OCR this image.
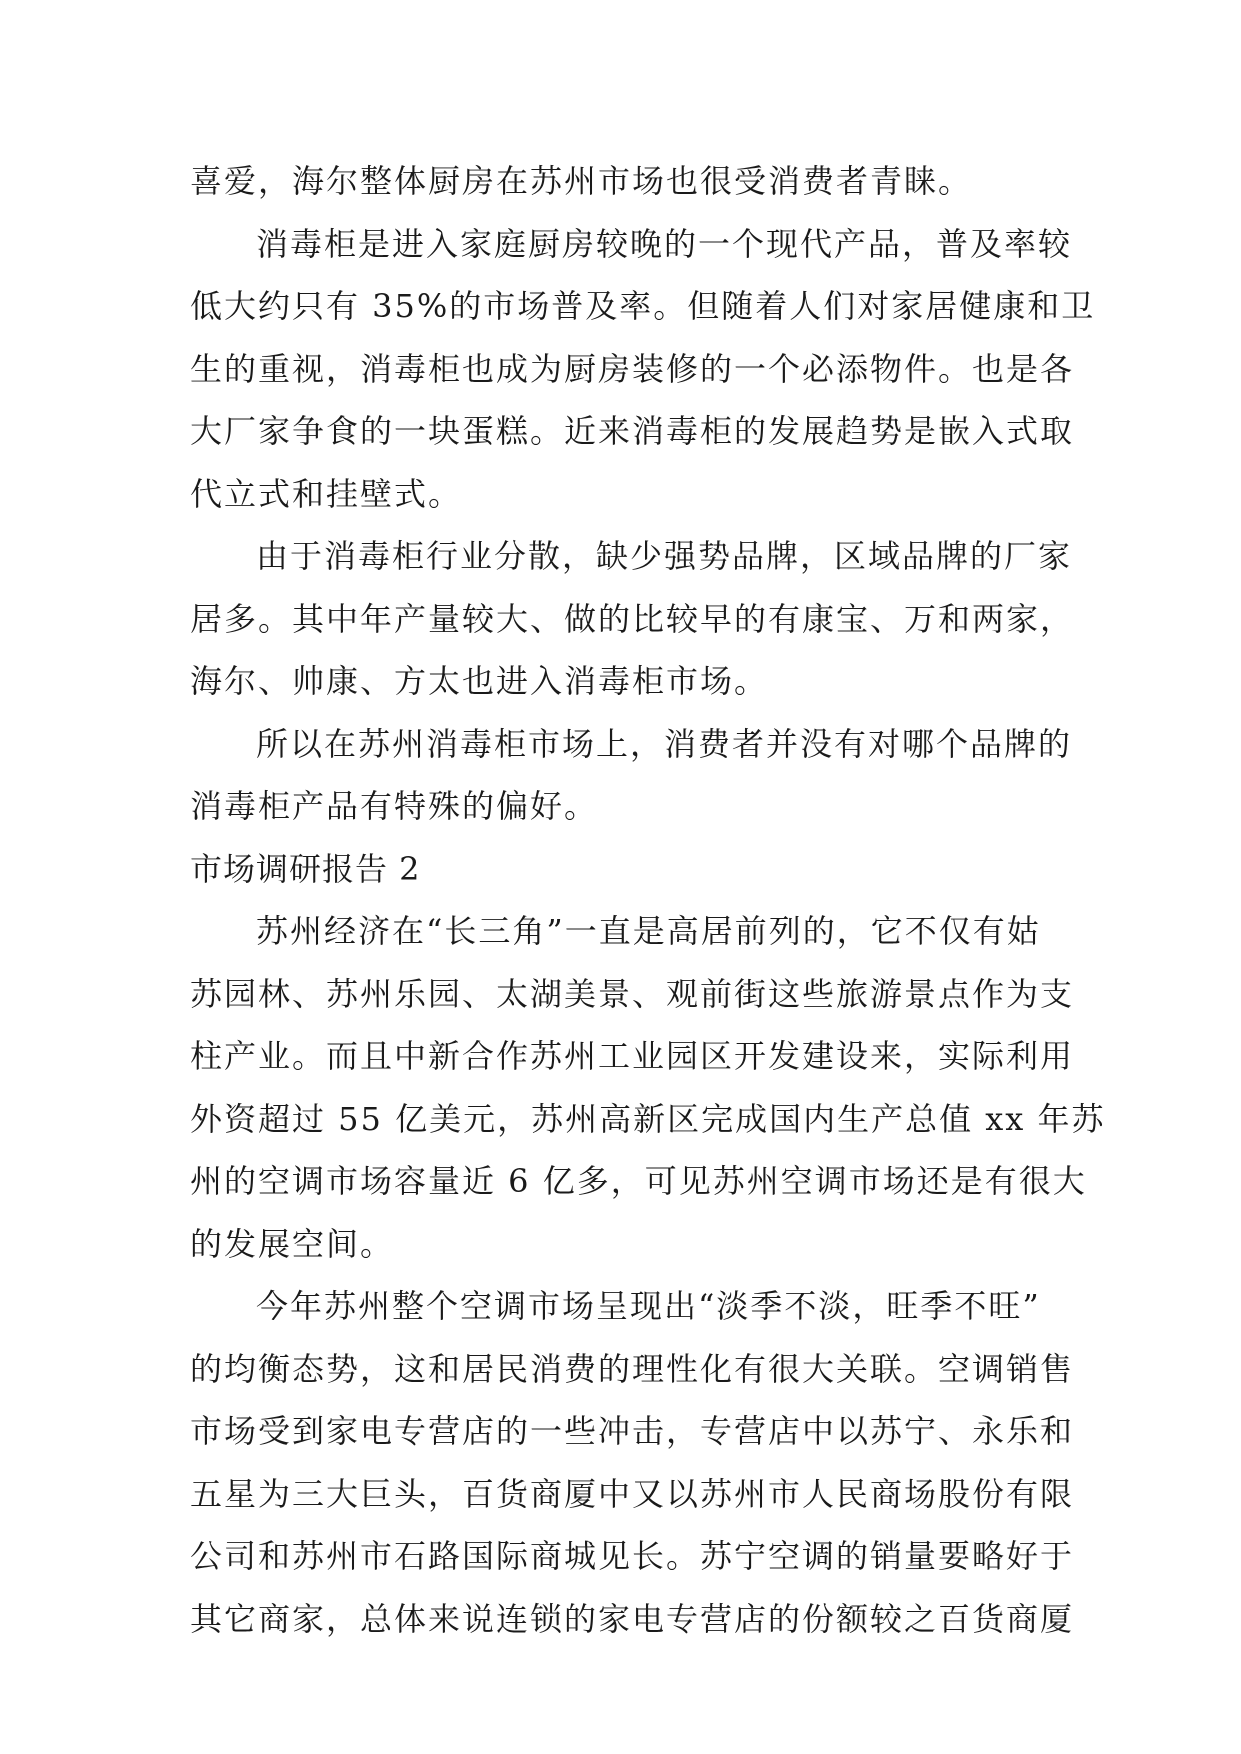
喜爱，海尔整体厨房在苏州市场也很受消费者青睐。
消毒柜是进入家庭厨房较晚的一个现代产品，普及率较
低大约只有 35%的市场普及率。但随着人们对家居健康和卫
生的重视，消毒柜也成为厨房装修的一个必添物件。也是各
大厂家争食的一块蛋糕。近来消毒柜的发展趋势是嵌入式取
代立式和挂壁式。
由于消毒柜行业分散，缺少强势品牌，区域品牌的厂家
居多。其中年产量较大、做的比较早的有康宝、万和两家，
海尔、帅康、方太也进入消毒柜市场。
所以在苏州消毒柜市场上，消费者并没有对哪个品牌的
消毒柜产品有特殊的偏好。
市场调研报告 2
苏州经济在“长三角”一直是高居前列的，它不仅有姑
苏园林、苏州乐园、太湖美景、观前街这些旅游景点作为支
柱产业。而且中新合作苏州工业园区开发建设来，实际利用
外资超过 55 亿美元，苏州高新区完成国内生产总值 xx 年苏
州的空调市场容量近 6 亿多，可见苏州空调市场还是有很大
的发展空间。
今年苏州整个空调市场呈现出“淡季不淡，旺季不旺”
的均衡态势，这和居民消费的理性化有很大关联。空调销售
市场受到家电专营店的一些冲击，专营店中以苏宁、永乐和
五星为三大巨头，百货商厦中又以苏州市人民商场股份有限
公司和苏州市石路国际商城见长。苏宁空调的销量要略好于
其它商家，总体来说连锁的家电专营店的份额较之百货商厦
